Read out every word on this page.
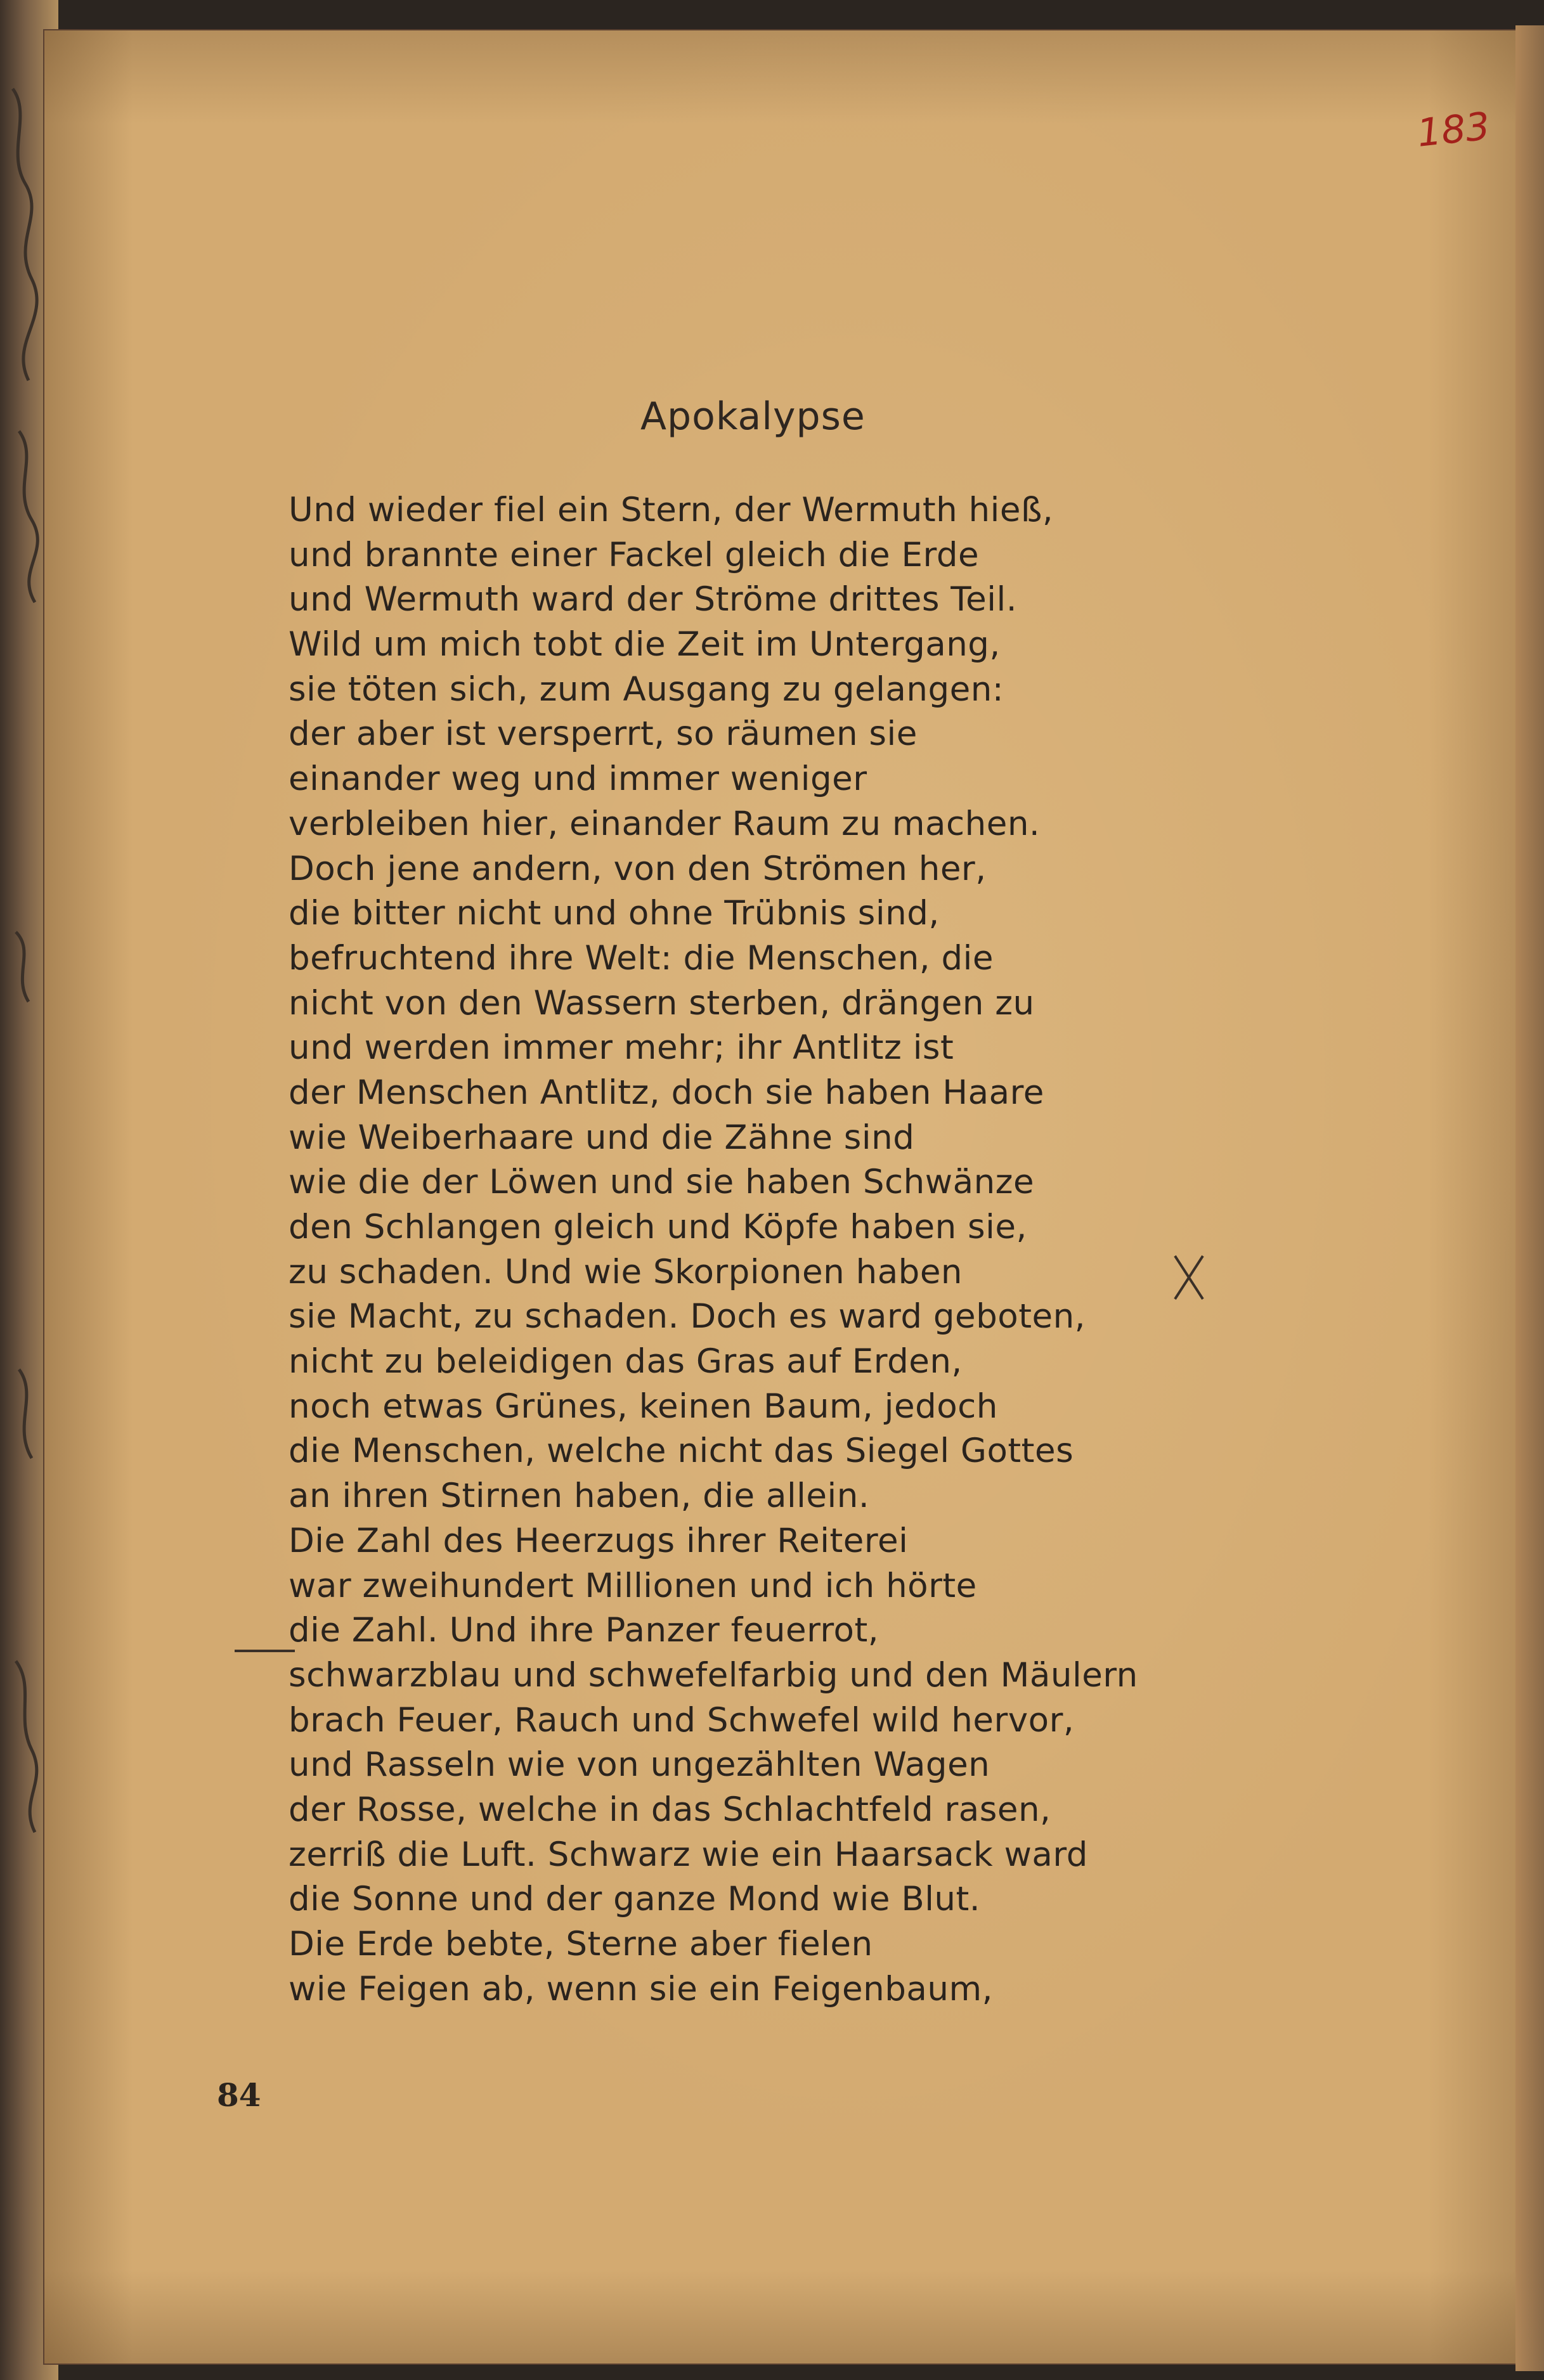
183

Apokalypse
Und wieder fiel ein Stern, der Wermuth hieß,
und brannte einer Fackel gleich die Erde
und Wermuth ward der Ströme drittes Teil.
Wild um mich tobt die Zeit im Untergang,
sie töten sich, zum Ausgang zu gelangen:
der aber ist versperrt, so räumen sie
einander weg und immer weniger
verbleiben hier, einander Raum zu machen.
Doch jene andern, von den Strömen her,
die bitter nicht und ohne Trübnis sind,
befruchtend ihre Welt: die Menschen, die
nicht von den Wassern sterben, drängen zu
und werden immer mehr; ihr Antlitz ist
der Menschen Antlitz, doch sie haben Haare
wie Weiberhaare und die Zähne sind
wie die der Löwen und sie haben Schwänze
den Schlangen gleich und Köpfe haben sie,
zu schaden. Und wie Skorpionen haben
sie Macht, zu schaden. Doch es ward geboten,
nicht zu beleidigen das Gras auf Erden,
noch etwas Grünes, keinen Baum, jedoch
die Menschen, welche nicht das Siegel Gottes
an ihren Stirnen haben, die allein.
Die Zahl des Heerzugs ihrer Reiterei
war zweihundert Millionen und ich hörte
die Zahl. Und ihre Panzer feuerrot,
schwarzblau und schwefelfarbig und den Mäulern
brach Feuer, Rauch und Schwefel wild hervor,
und Rasseln wie von ungezählten Wagen
der Rosse, welche in das Schlachtfeld rasen,
zerriß die Luft. Schwarz wie ein Haarsack ward
die Sonne und der ganze Mond wie Blut.
Die Erde bebte, Sterne aber fielen
wie Feigen ab, wenn sie ein Feigenbaum,

84
